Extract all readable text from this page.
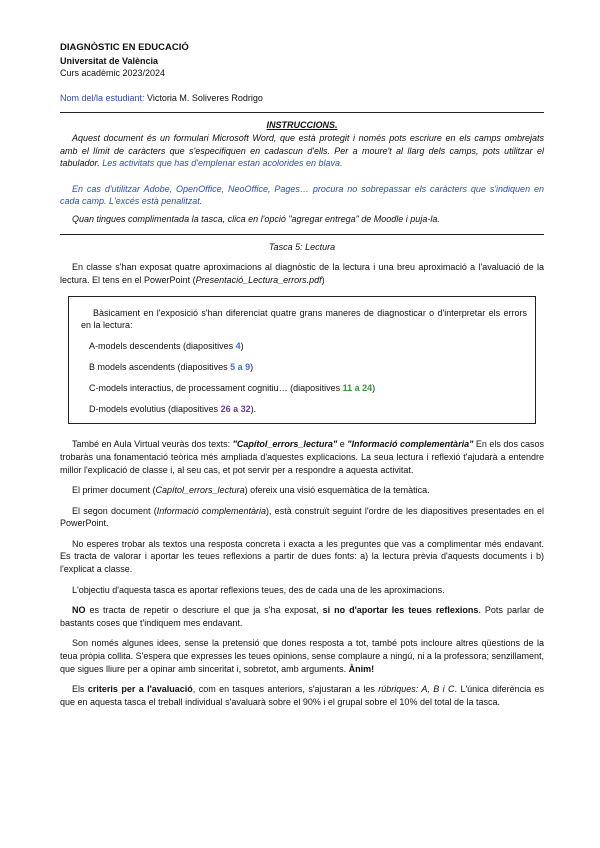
DIAGNÒSTIC EN EDUCACIÓ
Universitat de València
Curs acadèmic 2023/2024
Nom del/la estudiant: Victoria M. Soliveres Rodrigo
INSTRUCCIONS.
Aquest document és un formulari Microsoft Word, que està protegit i només pots escriure en els camps ombrejats amb el límit de caràcters que s'especifiquen en cadascun d'ells. Per a moure't al llarg dels camps, pots utilitzar el tabulador. Les activitats que has d'emplenar estan acolorides en blava.
En cas d'utilitzar Adobe, OpenOffice, NeoOffice, Pages… procura no sobrepassar els caràcters que s'indiquen en cada camp. L'excés està penalitzat.
Quan tingues complimentada la tasca, clica en l'opció "agregar entrega" de Moodle i puja-la.
Tasca 5: Lectura
En classe s'han exposat quatre aproximacions al diagnòstic de la lectura i una breu aproximació a l'avaluació de la lectura. El tens en el PowerPoint (Presentació_Lectura_errors.pdf)
Bàsicament en l'exposició s'han diferenciat quatre grans maneres de diagnosticar o d'interpretar els errors en la lectura:
A-models descendents (diapositives 4)
B models ascendents (diapositives 5 a 9)
C-models interactius, de processament cognitiu… (diapositives 11 a 24)
D-models evolutius (diapositives 26 a 32).
També en Aula Virtual veuràs dos texts: "Capítol_errors_lectura" e "Informació complementària" En els dos casos trobaràs una fonamentació teòrica més ampliada d'aquestes explicacions. La seua lectura i reflexió t'ajudarà a entendre millor l'explicació de classe i, al seu cas, et pot servir per a respondre a aquesta activitat.
El primer document (Capítol_errors_lectura) ofereix una visió esquemàtica de la temàtica.
El segon document (Informació complementària), està construït seguint l'ordre de les diapositives presentades en el PowerPoint.
No esperes trobar als textos una resposta concreta i exacta a les preguntes que vas a complimentar més endavant. Es tracta de valorar i aportar les teues reflexions a partir de dues fonts: a) la lectura prèvia d'aquests documents i b) l'explicat a classe.
L'objectiu d'aquesta tasca es aportar reflexions teues, des de cada una de les aproximacions.
NO es tracta de repetir o descriure el que ja s'ha exposat, si no d'aportar les teues reflexions. Pots parlar de bastants coses que t'indiquem mes endavant.
Son només algunes idees, sense la pretensió que dones resposta a tot, també pots incloure altres qüestions de la teua pròpia collita. S'espera que expresses les teues opinions, sense complaure a ningú, ni a la professora; senzillament, que sigues lliure per a opinar amb sinceritat i, sobretot, amb arguments. Ànim!
Els criteris per a l'avaluació, com en tasques anteriors, s'ajustaran a les rúbriques: A, B i C. L'única diferència es que en aquesta tasca el treball individual s'avaluarà sobre el 90% i el grupal sobre el 10% del total de la tasca.
